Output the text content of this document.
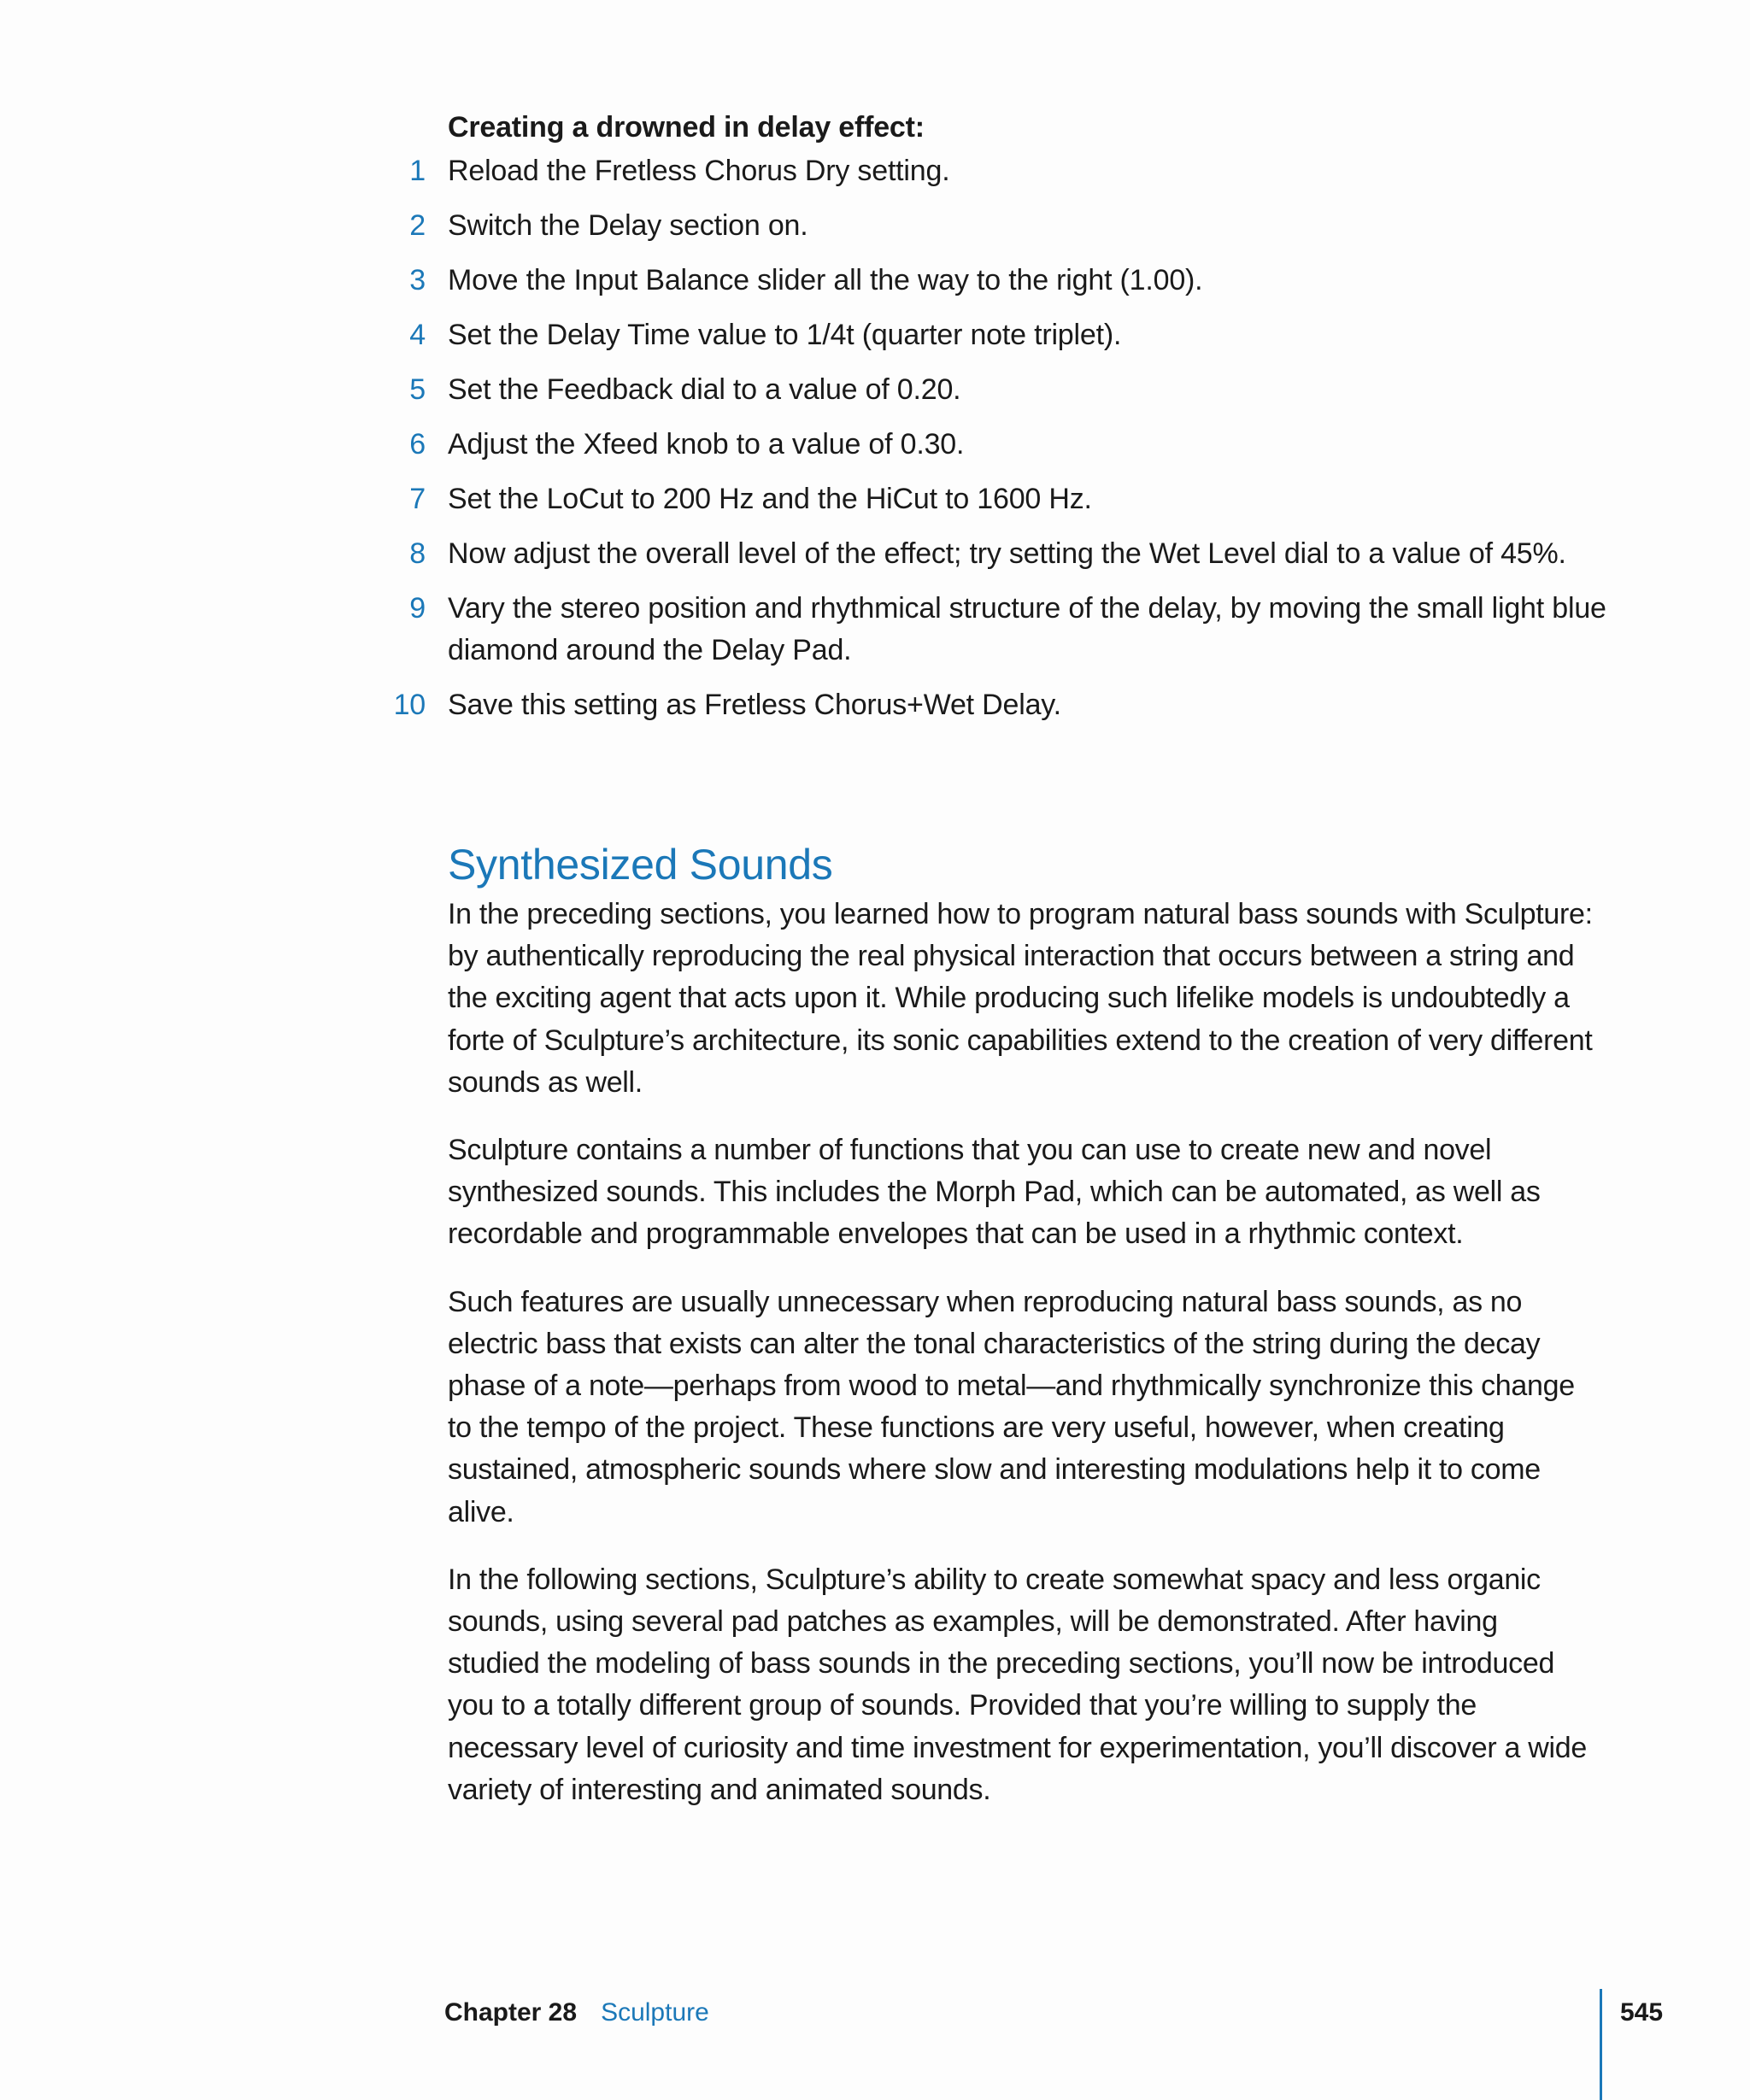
Creating a drowned in delay effect:
1 Reload the Fretless Chorus Dry setting.
2 Switch the Delay section on.
3 Move the Input Balance slider all the way to the right (1.00).
4 Set the Delay Time value to 1/4t (quarter note triplet).
5 Set the Feedback dial to a value of 0.20.
6 Adjust the Xfeed knob to a value of 0.30.
7 Set the LoCut to 200 Hz and the HiCut to 1600 Hz.
8 Now adjust the overall level of the effect; try setting the Wet Level dial to a value of 45%.
9 Vary the stereo position and rhythmical structure of the delay, by moving the small light blue diamond around the Delay Pad.
10 Save this setting as Fretless Chorus+Wet Delay.
Synthesized Sounds

In the preceding sections, you learned how to program natural bass sounds with Sculpture: by authentically reproducing the real physical interaction that occurs between a string and the exciting agent that acts upon it. While producing such lifelike models is undoubtedly a forte of Sculpture’s architecture, its sonic capabilities extend to the creation of very different sounds as well.

Sculpture contains a number of functions that you can use to create new and novel synthesized sounds. This includes the Morph Pad, which can be automated, as well as recordable and programmable envelopes that can be used in a rhythmic context.

Such features are usually unnecessary when reproducing natural bass sounds, as no electric bass that exists can alter the tonal characteristics of the string during the decay phase of a note—perhaps from wood to metal—and rhythmically synchronize this change to the tempo of the project. These functions are very useful, however, when creating sustained, atmospheric sounds where slow and interesting modulations help it to come alive.

In the following sections, Sculpture’s ability to create somewhat spacy and less organic sounds, using several pad patches as examples, will be demonstrated. After having studied the modeling of bass sounds in the preceding sections, you’ll now be introduced you to a totally different group of sounds. Provided that you’re willing to supply the necessary level of curiosity and time investment for experimentation, you’ll discover a wide variety of interesting and animated sounds.

Chapter 28 Sculpture	545
